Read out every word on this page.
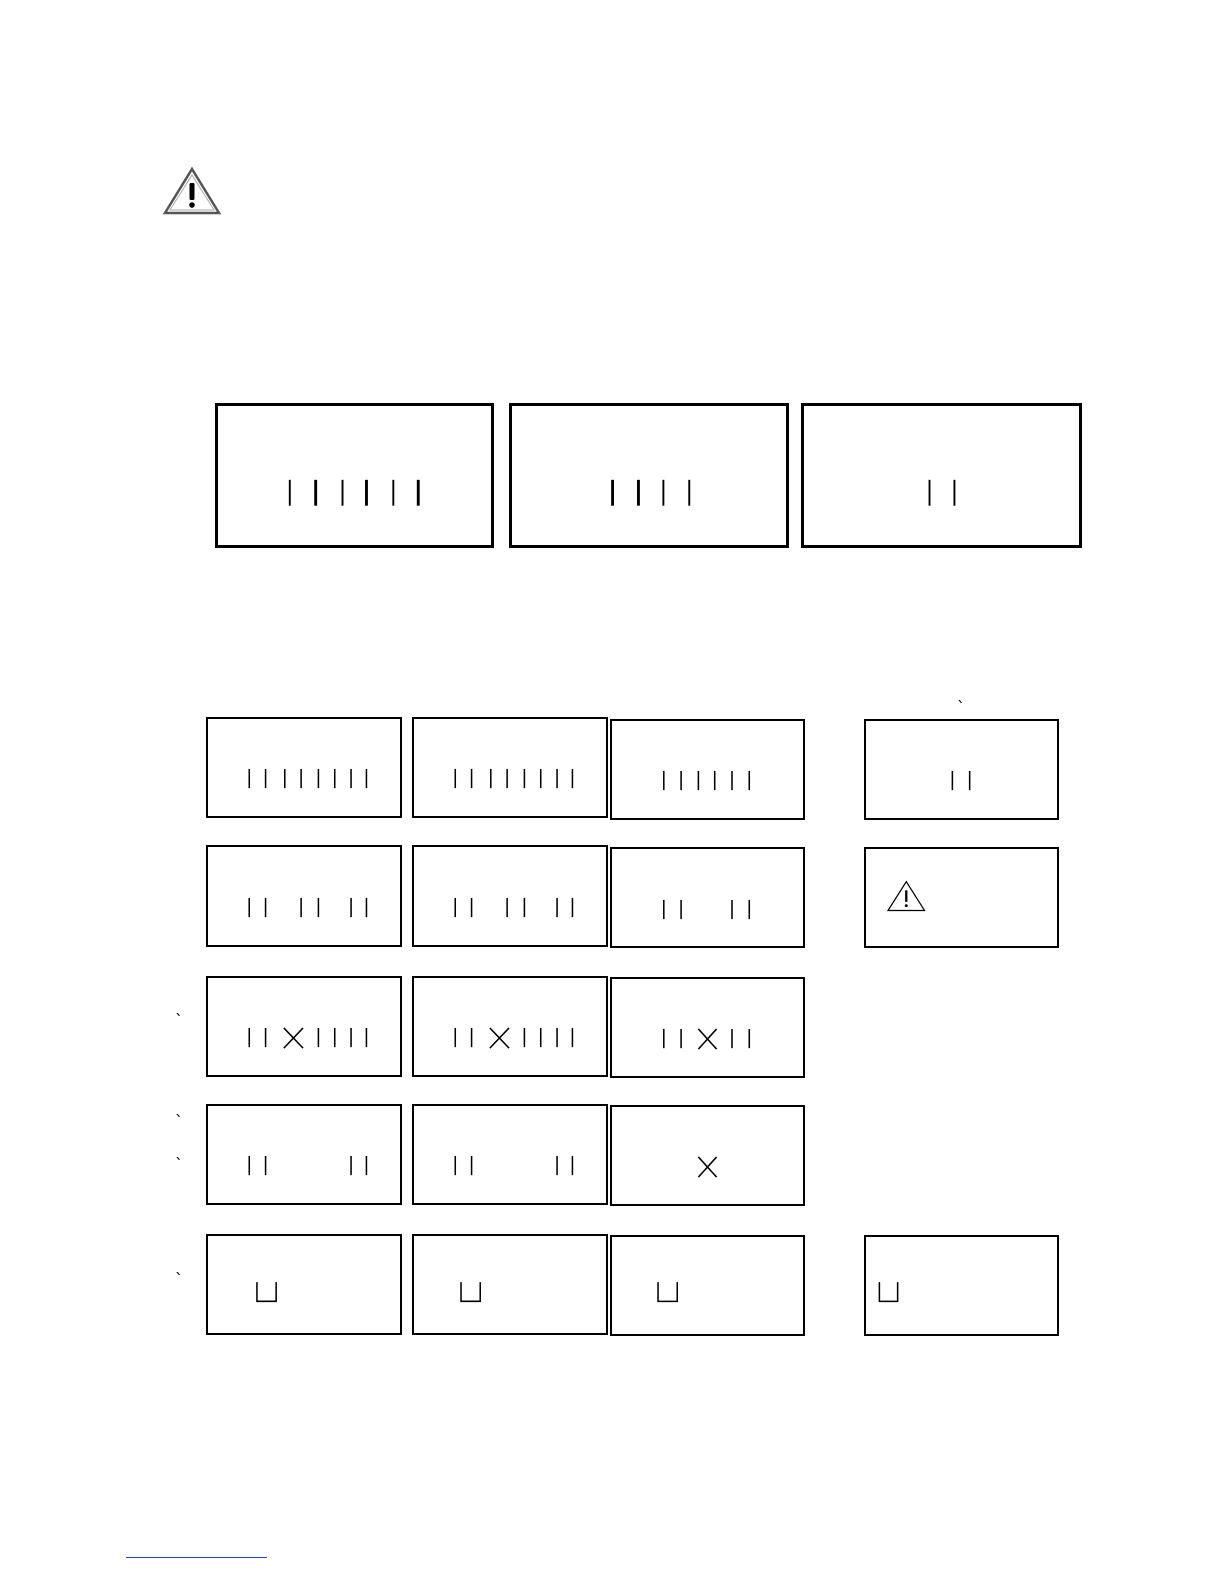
`
`
`
`
`
